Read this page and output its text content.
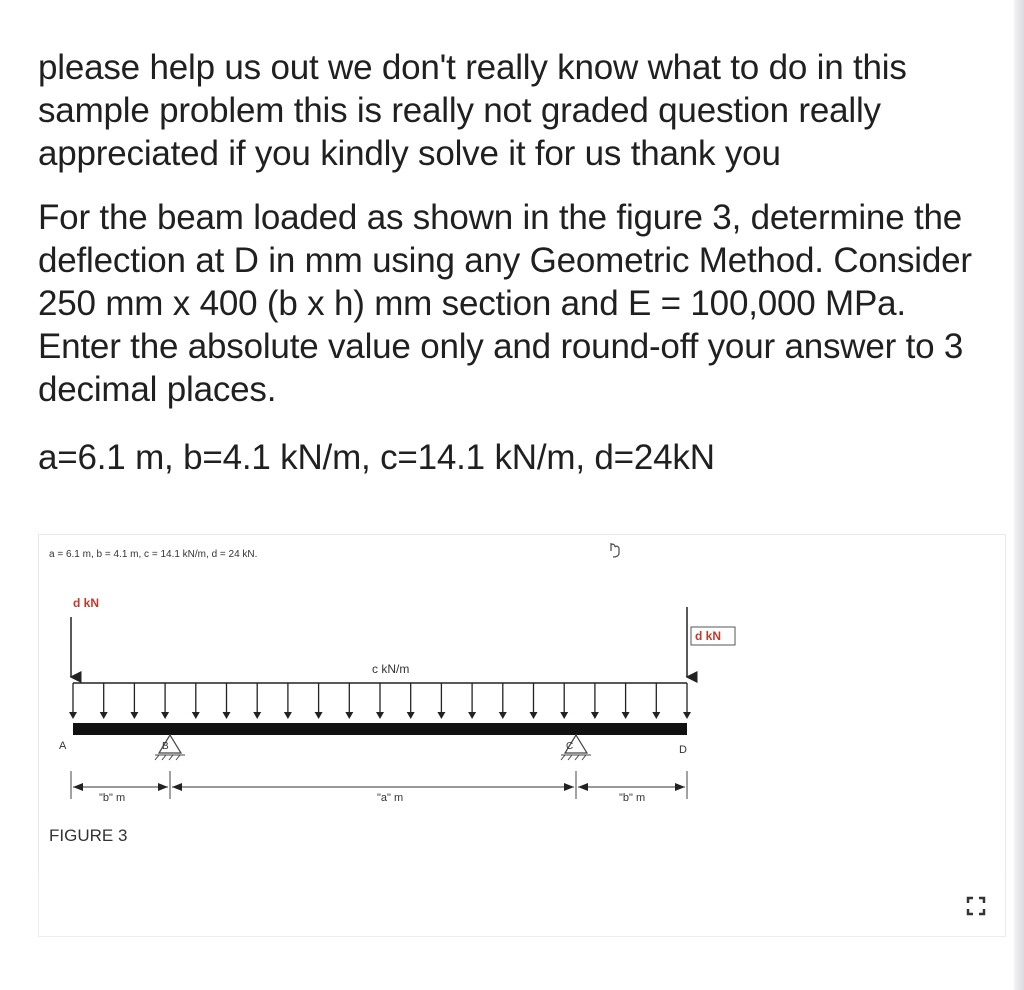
please help us out we don't really know what to do in this sample problem this is really not graded question really appreciated if you kindly solve it for us thank you

For the beam loaded as shown in the figure 3, determine the deflection at D in mm using any Geometric Method. Consider 250 mm x 400 (b x h) mm section and E = 100,000 MPa. Enter the absolute value only and round-off your answer to 3 decimal places.

a=6.1 m, b=4.1 kN/m, c=14.1 kN/m, d=24kN

a = 6.1 m, b = 4.1 m, c = 14.1 kN/m, d = 24 kN.
d kN
d kN
c kN/m
A	D
B	C
"b" m	"a" m	"b" m
FIGURE 3
